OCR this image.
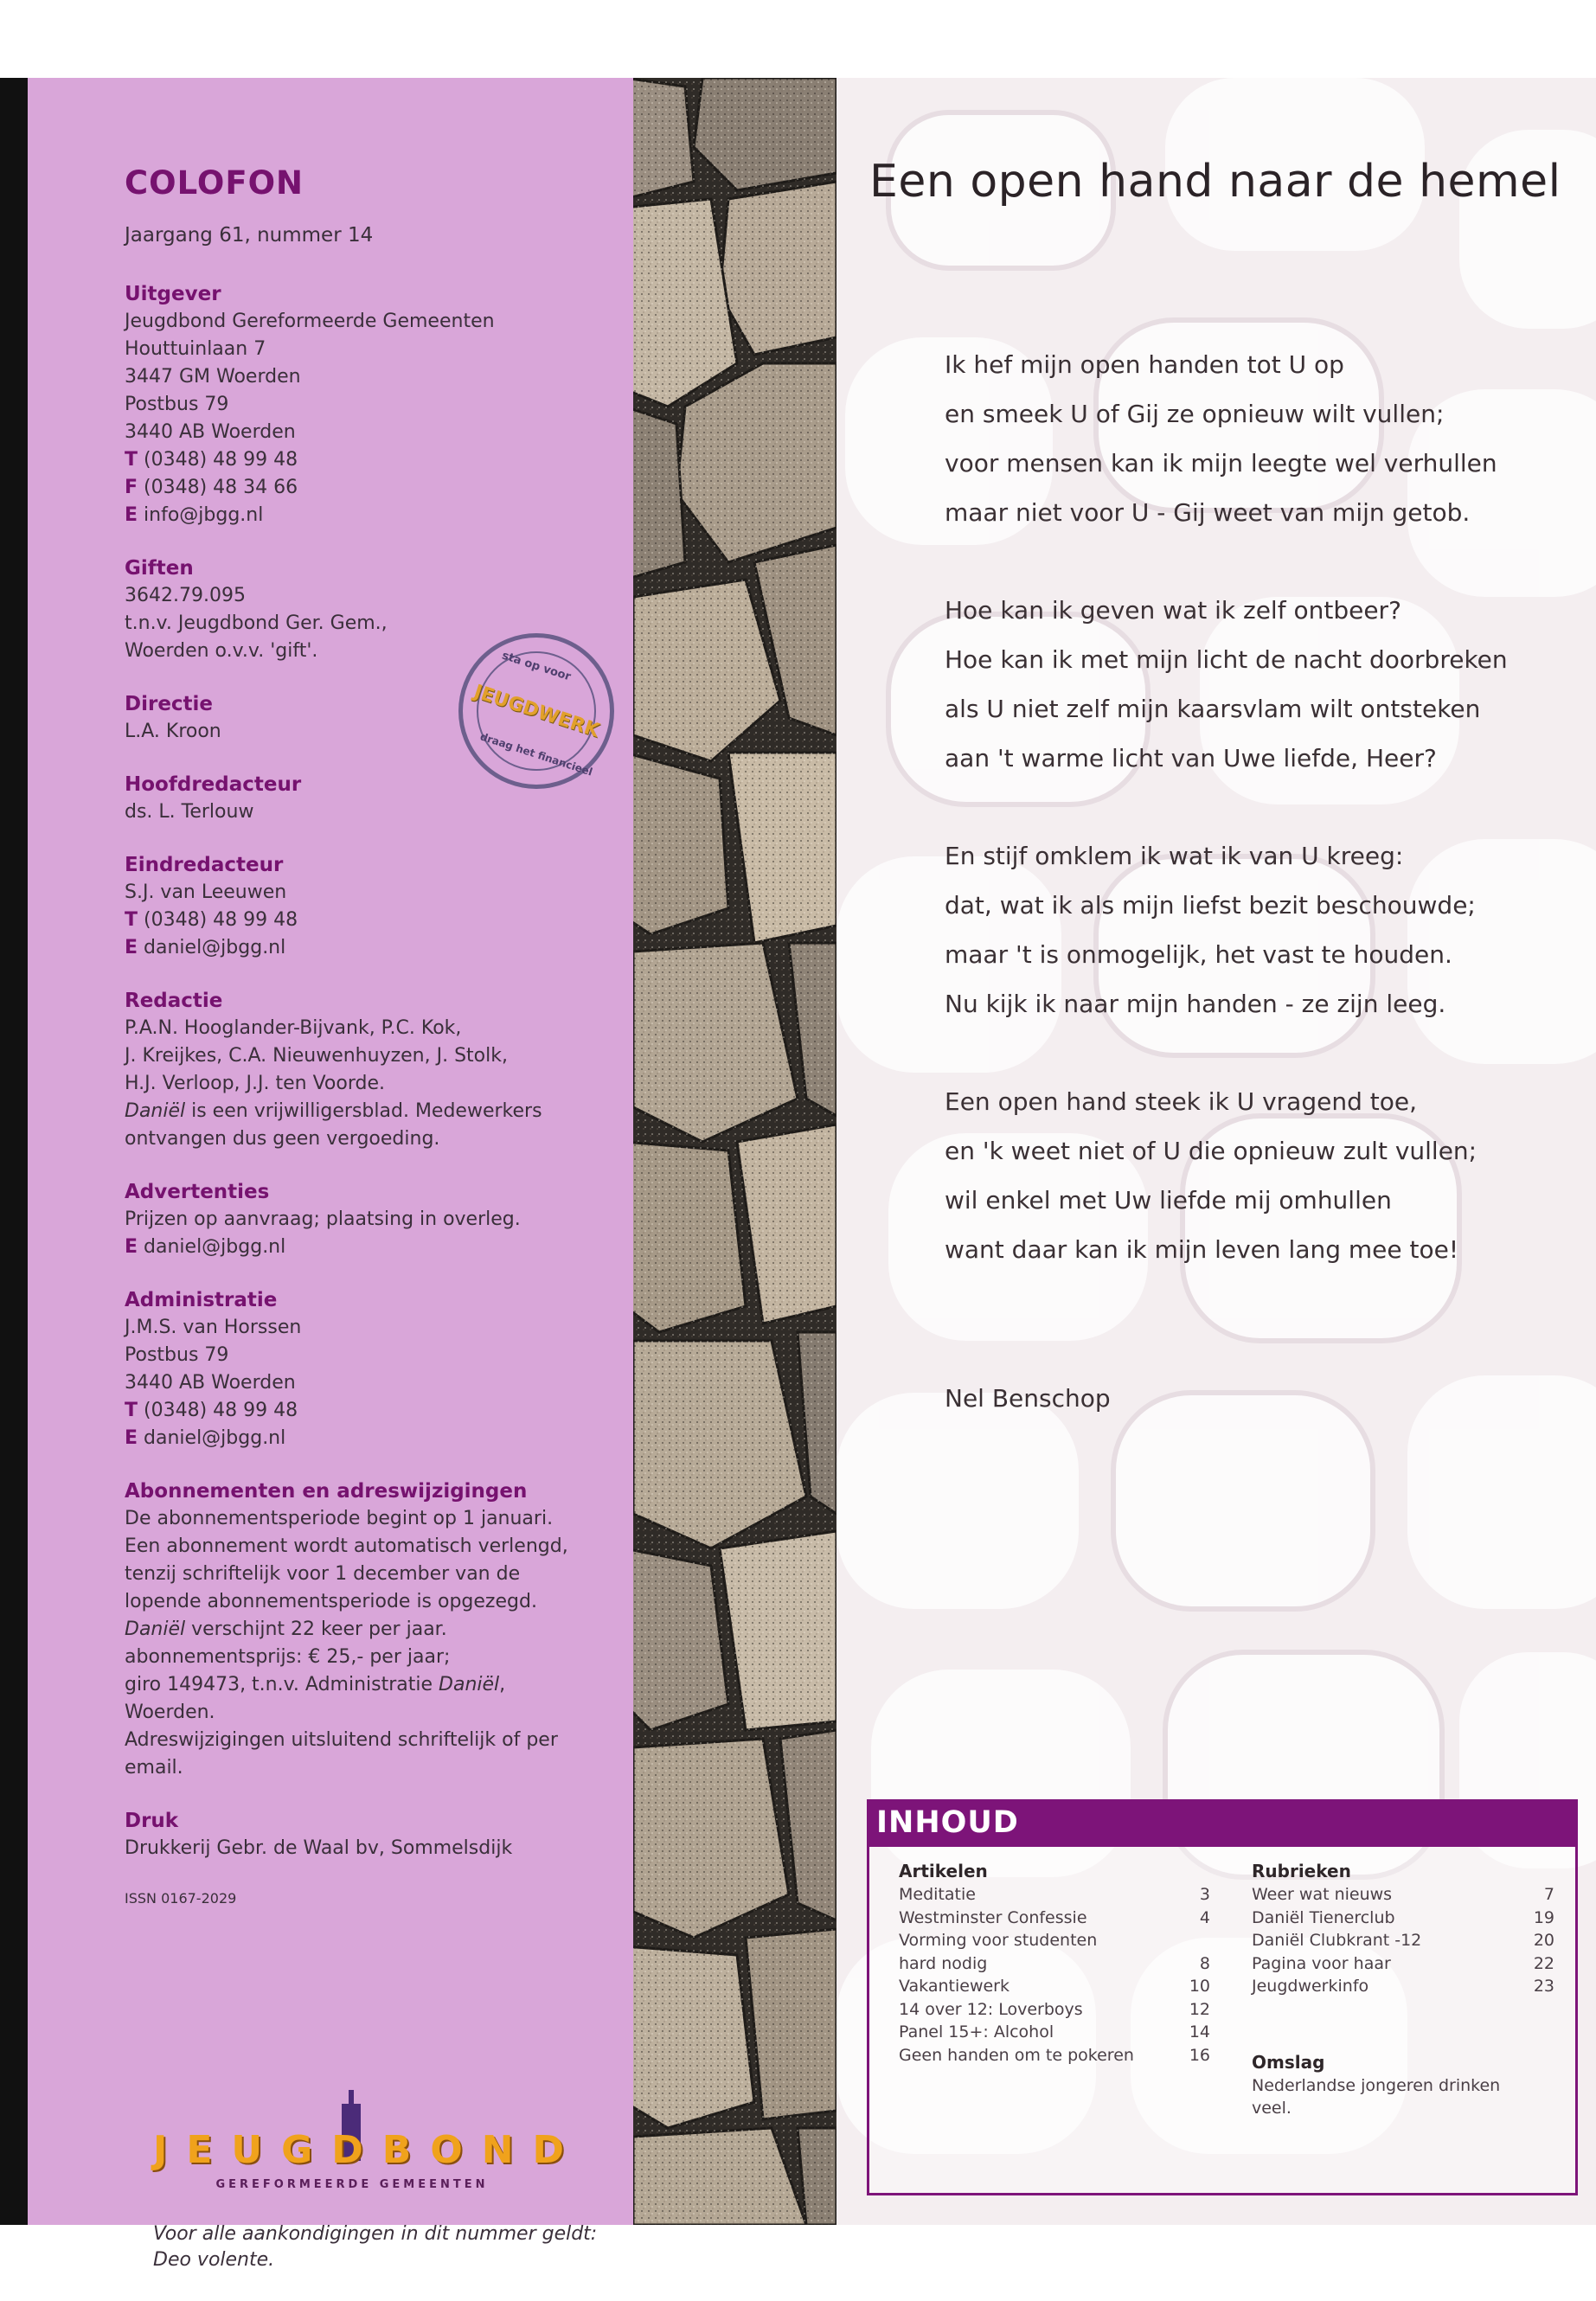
COLOFON

Jaargang 61, nummer 14

Uitgever

Jeugdbond Gereformeerde Gemeenten

Houttuinlaan 7

3447 GM Woerden

Postbus 79

3440 AB Woerden

T (0348) 48 99 48

F (0348) 48 34 66

E info@jbgg.nl

Giften

3642.79.095

t.n.v. Jeugdbond Ger. Gem.,

Woerden o.v.v. 'gift'.

Directie

L.A. Kroon

Hoofdredacteur

ds. L. Terlouw

Eindredacteur

S.J. van Leeuwen

T (0348) 48 99 48

E daniel@jbgg.nl

Redactie

P.A.N. Hooglander-Bijvank, P.C. Kok,

J. Kreijkes, C.A. Nieuwenhuyzen, J. Stolk,

H.J. Verloop, J.J. ten Voorde.

Daniël is een vrijwilligersblad. Medewerkers

ontvangen dus geen vergoeding.

Advertenties

Prijzen op aanvraag; plaatsing in overleg.

E daniel@jbgg.nl

Administratie

J.M.S. van Horssen

Postbus 79

3440 AB Woerden

T (0348) 48 99 48

E daniel@jbgg.nl

Abonnementen en adreswijzigingen

De abonnementsperiode begint op 1 januari.

Een abonnement wordt automatisch verlengd,

tenzij schriftelijk voor 1 december van de

lopende abonnementsperiode is opgezegd.

Daniël verschijnt 22 keer per jaar.

abonnementsprijs: € 25,- per jaar;

giro 149473, t.n.v. Administratie Daniël,

Woerden.

Adreswijzigingen uitsluitend schriftelijk of per

email.

Druk

Drukkerij Gebr. de Waal bv, Sommelsdijk

ISSN 0167-2029

sta op voor
JEUGDWERK
draag het financieel
JEUGDBOND
GEREFORMEERDE GEMEENTEN

Voor alle aankondigingen in dit nummer geldt:
Deo volente.

Een open hand naar de hemel

Ik hef mijn open handen tot U op

en smeek U of Gij ze opnieuw wilt vullen;

voor mensen kan ik mijn leegte wel verhullen

maar niet voor U - Gij weet van mijn getob.

Hoe kan ik geven wat ik zelf ontbeer?

Hoe kan ik met mijn licht de nacht doorbreken

als U niet zelf mijn kaarsvlam wilt ontsteken

aan 't warme licht van Uwe liefde, Heer?

En stijf omklem ik wat ik van U kreeg:

dat, wat ik als mijn liefst bezit beschouwde;

maar 't is onmogelijk, het vast te houden.

Nu kijk ik naar mijn handen - ze zijn leeg.

Een open hand steek ik U vragend toe,

en 'k weet niet of U die opnieuw zult vullen;

wil enkel met Uw liefde mij omhullen

want daar kan ik mijn leven lang mee toe!

Nel Benschop

INHOUD
Artikelen
Meditatie	3
Westminster Confessie	4
Vorming voor studenten
hard nodig	8
Vakantiewerk	10
14 over 12: Loverboys	12
Panel 15+: Alcohol	14
Geen handen om te pokeren	16
Rubrieken
Weer wat nieuws	7
Daniël Tienerclub	19
Daniël Clubkrant -12	20
Pagina voor haar	22
Jeugdwerkinfo	23
Omslag

Nederlandse jongeren drinken

veel.
